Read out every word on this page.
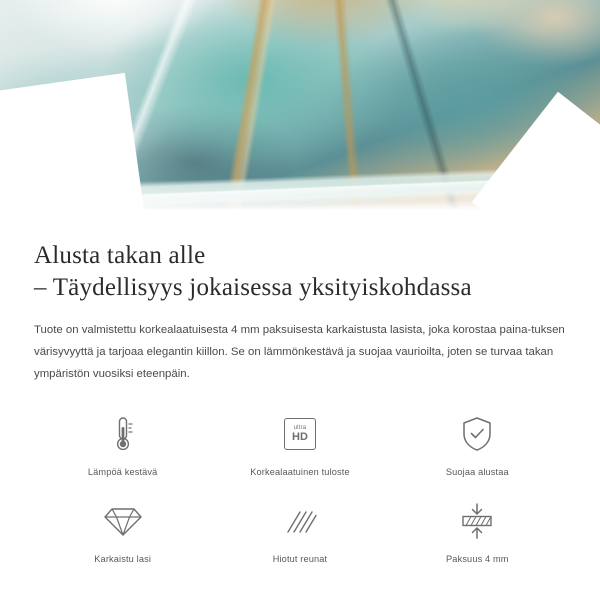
Alusta takan alle
– Täydellisyys jokaisessa yksityiskohdassa

Tuote on valmistettu korkealaatuisesta 4 mm paksuisesta karkaistusta lasista, joka korostaa paina-tuksen värisyvyyttä ja tarjoaa elegantin kiillon. Se on lämmönkestävä ja suojaa vaurioilta, joten se turvaa takan ympäristön vuosiksi eteenpäin.

Lämpöä kestävä
ultra
HD
Korkealaatuinen tuloste	Suojaa alustaa
Karkaistu lasi	Hiotut reunat	Paksuus 4 mm
